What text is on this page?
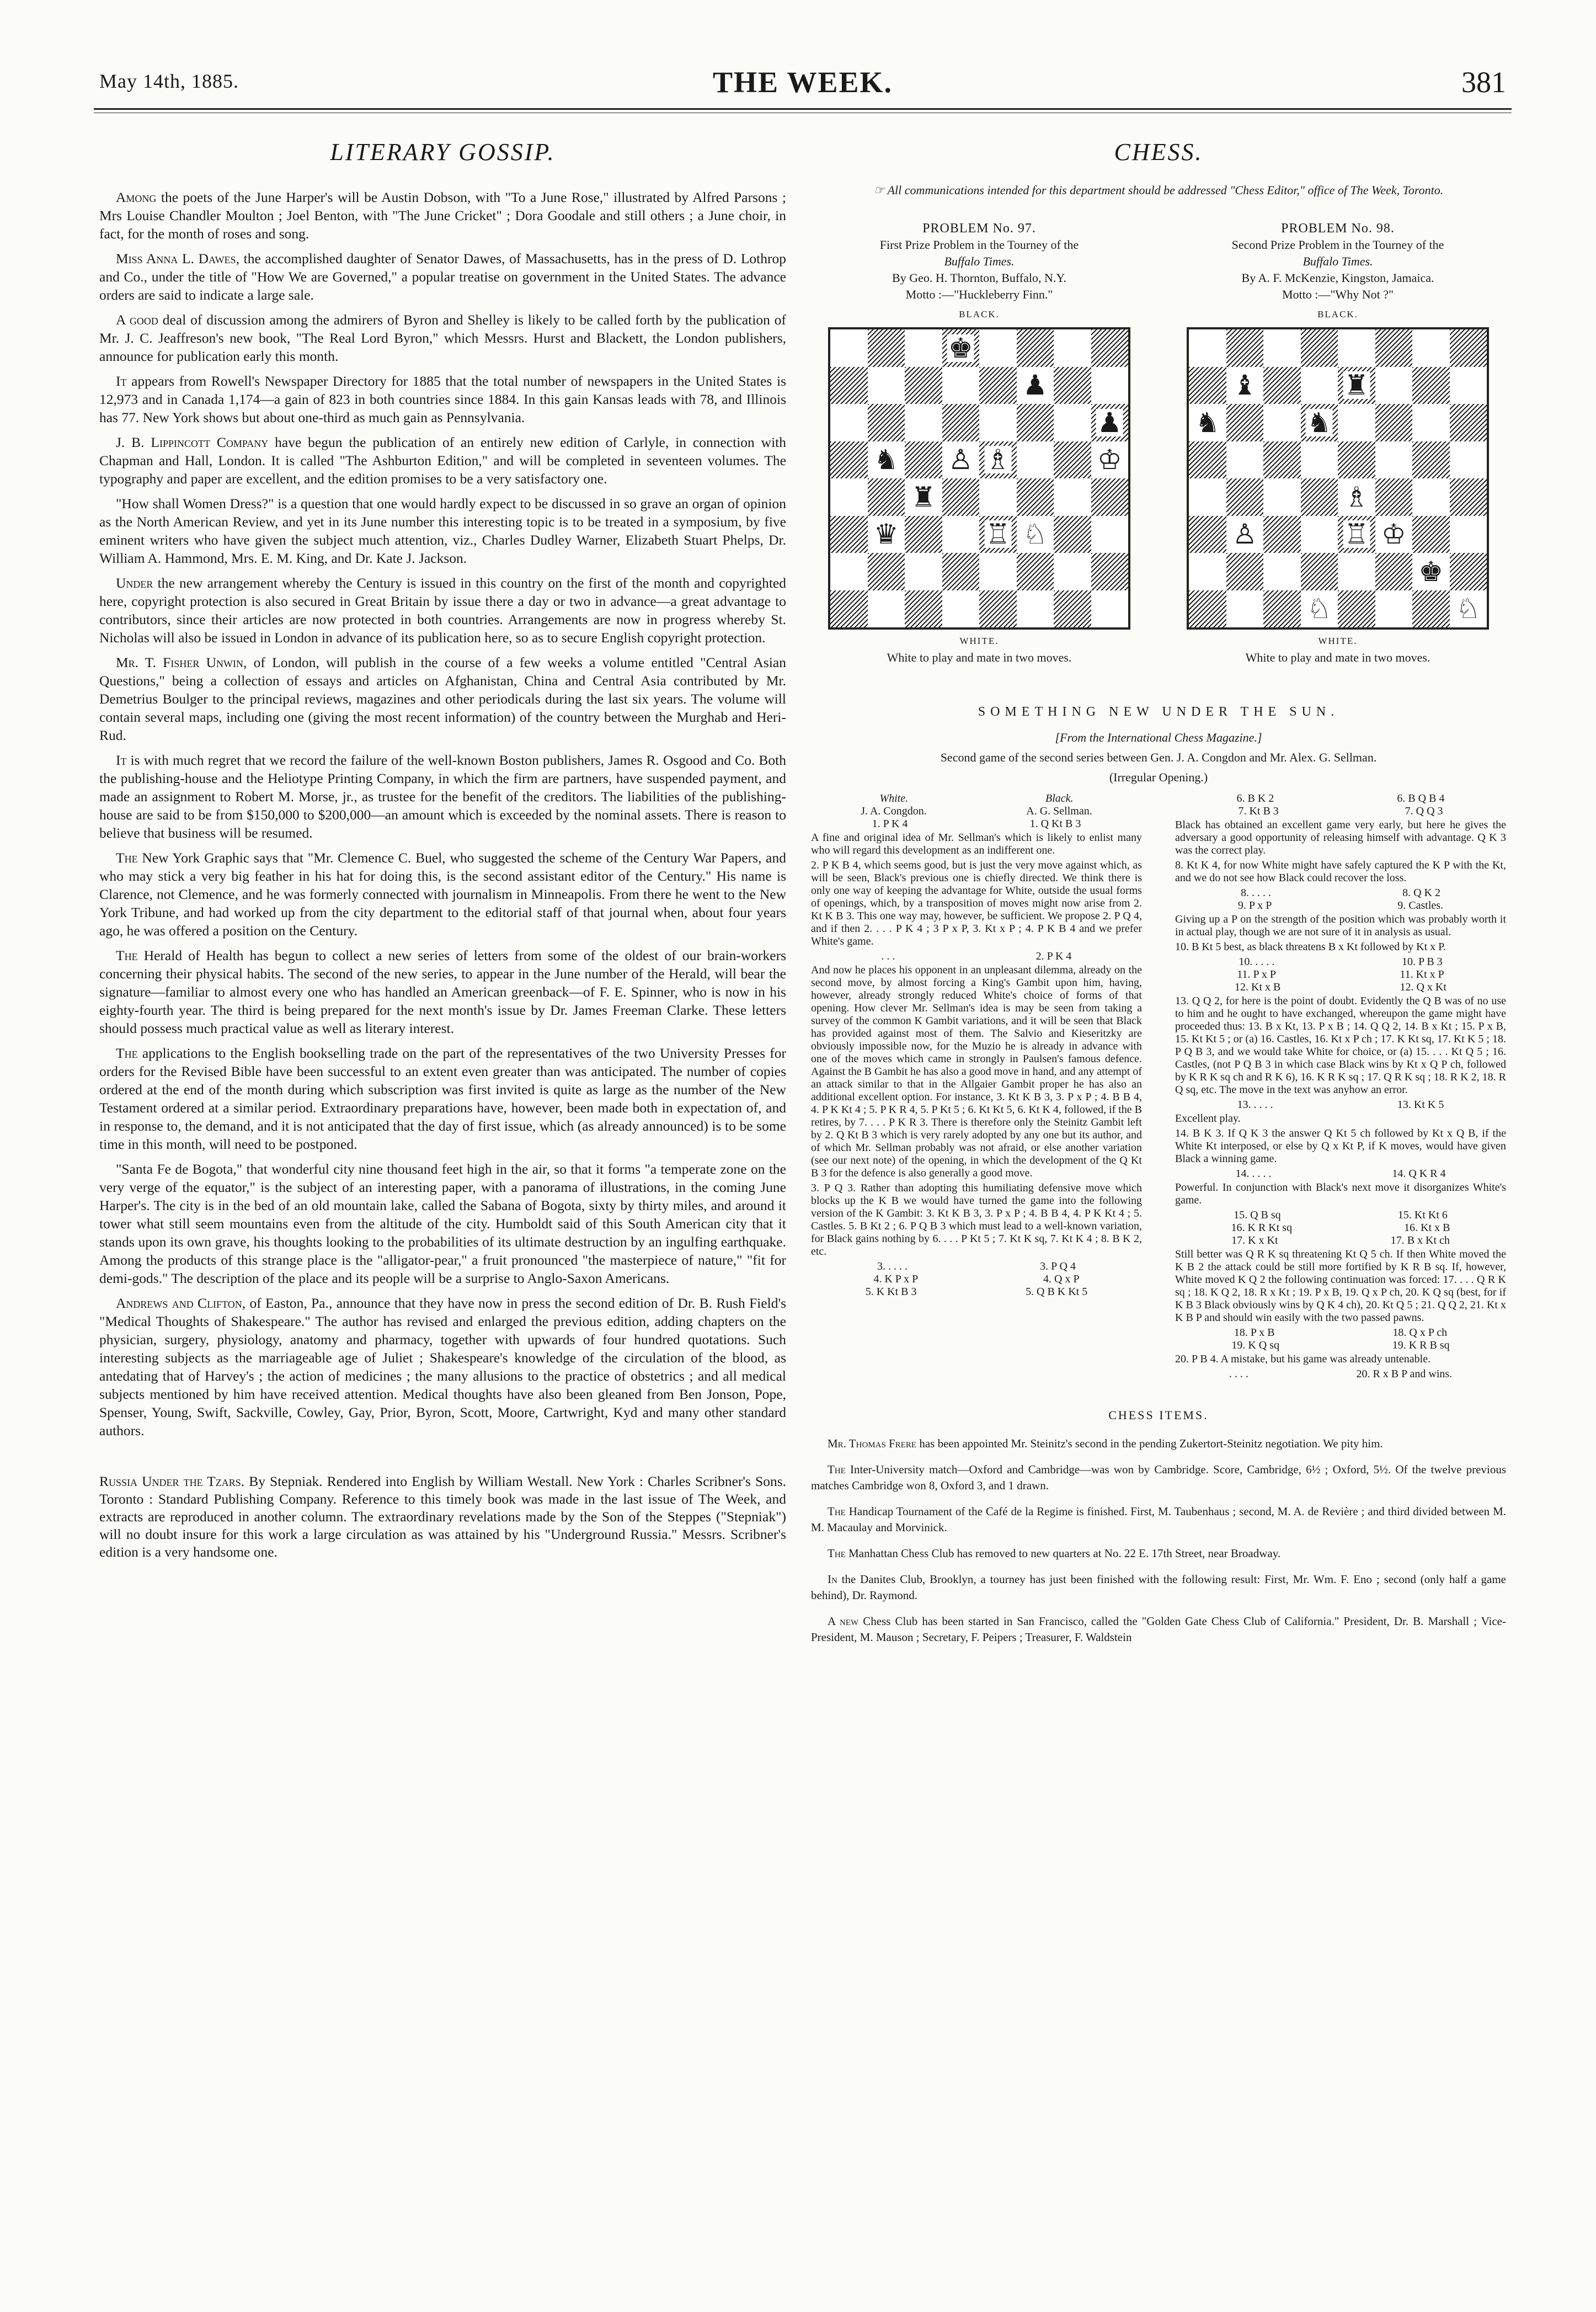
May 14th, 1885.	THE WEEK.	381
LITERARY GOSSIP.

Among the poets of the June Harper's will be Austin Dobson, with "To a June Rose," illustrated by Alfred Parsons ; Mrs Louise Chandler Moulton ; Joel Benton, with "The June Cricket" ; Dora Goodale and still others ; a June choir, in fact, for the month of roses and song.

Miss Anna L. Dawes, the accomplished daughter of Senator Dawes, of Massachusetts, has in the press of D. Lothrop and Co., under the title of "How We are Governed," a popular treatise on government in the United States. The advance orders are said to indicate a large sale.

A good deal of discussion among the admirers of Byron and Shelley is likely to be called forth by the publication of Mr. J. C. Jeaffreson's new book, "The Real Lord Byron," which Messrs. Hurst and Blackett, the London publishers, announce for publication early this month.

It appears from Rowell's Newspaper Directory for 1885 that the total number of newspapers in the United States is 12,973 and in Canada 1,174—a gain of 823 in both countries since 1884. In this gain Kansas leads with 78, and Illinois has 77. New York shows but about one-third as much gain as Pennsylvania.

J. B. Lippincott Company have begun the publication of an entirely new edition of Carlyle, in connection with Chapman and Hall, London. It is called "The Ashburton Edition," and will be completed in seventeen volumes. The typography and paper are excellent, and the edition promises to be a very satisfactory one.

"How shall Women Dress?" is a question that one would hardly expect to be discussed in so grave an organ of opinion as the North American Review, and yet in its June number this interesting topic is to be treated in a symposium, by five eminent writers who have given the subject much attention, viz., Charles Dudley Warner, Elizabeth Stuart Phelps, Dr. William A. Hammond, Mrs. E. M. King, and Dr. Kate J. Jackson.

Under the new arrangement whereby the Century is issued in this country on the first of the month and copyrighted here, copyright protection is also secured in Great Britain by issue there a day or two in advance—a great advantage to contributors, since their articles are now protected in both countries. Arrangements are now in progress whereby St. Nicholas will also be issued in London in advance of its publication here, so as to secure English copyright protection.

Mr. T. Fisher Unwin, of London, will publish in the course of a few weeks a volume entitled "Central Asian Questions," being a collection of essays and articles on Afghanistan, China and Central Asia contributed by Mr. Demetrius Boulger to the principal reviews, magazines and other periodicals during the last six years. The volume will contain several maps, including one (giving the most recent information) of the country between the Murghab and Heri-Rud.

It is with much regret that we record the failure of the well-known Boston publishers, James R. Osgood and Co. Both the publishing-house and the Heliotype Printing Company, in which the firm are partners, have suspended payment, and made an assignment to Robert M. Morse, jr., as trustee for the benefit of the creditors. The liabilities of the publishing-house are said to be from $150,000 to $200,000—an amount which is exceeded by the nominal assets. There is reason to believe that business will be resumed.

The New York Graphic says that "Mr. Clemence C. Buel, who suggested the scheme of the Century War Papers, and who may stick a very big feather in his hat for doing this, is the second assistant editor of the Century." His name is Clarence, not Clemence, and he was formerly connected with journalism in Minneapolis. From there he went to the New York Tribune, and had worked up from the city department to the editorial staff of that journal when, about four years ago, he was offered a position on the Century.

The Herald of Health has begun to collect a new series of letters from some of the oldest of our brain-workers concerning their physical habits. The second of the new series, to appear in the June number of the Herald, will bear the signature—familiar to almost every one who has handled an American greenback—of F. E. Spinner, who is now in his eighty-fourth year. The third is being prepared for the next month's issue by Dr. James Freeman Clarke. These letters should possess much practical value as well as literary interest.

The applications to the English bookselling trade on the part of the representatives of the two University Presses for orders for the Revised Bible have been successful to an extent even greater than was anticipated. The number of copies ordered at the end of the month during which subscription was first invited is quite as large as the number of the New Testament ordered at a similar period. Extraordinary preparations have, however, been made both in expectation of, and in response to, the demand, and it is not anticipated that the day of first issue, which (as already announced) is to be some time in this month, will need to be postponed.

"Santa Fe de Bogota," that wonderful city nine thousand feet high in the air, so that it forms "a temperate zone on the very verge of the equator," is the subject of an interesting paper, with a panorama of illustrations, in the coming June Harper's. The city is in the bed of an old mountain lake, called the Sabana of Bogota, sixty by thirty miles, and around it tower what still seem mountains even from the altitude of the city. Humboldt said of this South American city that it stands upon its own grave, his thoughts looking to the probabilities of its ultimate destruction by an ingulfing earthquake. Among the products of this strange place is the "alligator-pear," a fruit pronounced "the masterpiece of nature," "fit for demi-gods." The description of the place and its people will be a surprise to Anglo-Saxon Americans.

Andrews and Clifton, of Easton, Pa., announce that they have now in press the second edition of Dr. B. Rush Field's "Medical Thoughts of Shakespeare." The author has revised and enlarged the previous edition, adding chapters on the physician, surgery, physiology, anatomy and pharmacy, together with upwards of four hundred quotations. Such interesting subjects as the marriageable age of Juliet ; Shakespeare's knowledge of the circulation of the blood, as antedating that of Harvey's ; the action of medicines ; the many allusions to the practice of obstetrics ; and all medical subjects mentioned by him have received attention. Medical thoughts have also been gleaned from Ben Jonson, Pope, Spenser, Young, Swift, Sackville, Cowley, Gay, Prior, Byron, Scott, Moore, Cartwright, Kyd and many other standard authors.

Russia Under the Tzars. By Stepniak. Rendered into English by William Westall. New York : Charles Scribner's Sons. Toronto : Standard Publishing Company. Reference to this timely book was made in the last issue of The Week, and extracts are reproduced in another column. The extraordinary revelations made by the Son of the Steppes ("Stepniak") will no doubt insure for this work a large circulation as was attained by his "Underground Russia." Messrs. Scribner's edition is a very handsome one.
CHESS.
☞ All communications intended for this department should be addressed "Chess Editor," office of The Week, Toronto.
PROBLEM No. 97.
First Prize Problem in the Tourney of the
Buffalo Times.
By Geo. H. Thornton, Buffalo, N.Y.
Motto :—"Huckleberry Finn."
BLACK.
♚
♟
♟
♞ ♙ ♗	♔
♜
♛	♖ ♘
WHITE.
White to play and mate in two moves.
PROBLEM No. 98.
Second Prize Problem in the Tourney of the
Buffalo Times.
By A. F. McKenzie, Kingston, Jamaica.
Motto :—"Why Not ?"
BLACK.
♝	♜
♞	♞
♗
♙	♖ ♔
♚
♘	♘
WHITE.
White to play and mate in two moves.
SOMETHING NEW UNDER THE SUN.
[From the International Chess Magazine.]
Second game of the second series between Gen. J. A. Congdon and Mr. Alex. G. Sellman.
(Irregular Opening.)
White.	Black.
J. A. Congdon.	A. G. Sellman.
1. P K 4	1. Q Kt B 3
A fine and original idea of Mr. Sellman's which is likely to enlist many who will regard this development as an indifferent one.
2. P K B 4, which seems good, but is just the very move against which, as will be seen, Black's previous one is chiefly directed. We think there is only one way of keeping the advantage for White, outside the usual forms of openings, which, by a transposition of moves might now arise from 2. Kt K B 3. This one way may, however, be sufficient. We propose 2. P Q 4, and if then 2. . . . P K 4 ; 3 P x P, 3. Kt x P ; 4. P K B 4 and we prefer White's game.
. . .	2. P K 4
And now he places his opponent in an unpleasant dilemma, already on the second move, by almost forcing a King's Gambit upon him, having, however, already strongly reduced White's choice of forms of that opening. How clever Mr. Sellman's idea is may be seen from taking a survey of the common K Gambit variations, and it will be seen that Black has provided against most of them. The Salvio and Kieseritzky are obviously impossible now, for the Muzio he is already in advance with one of the moves which came in strongly in Paulsen's famous defence. Against the B Gambit he has also a good move in hand, and any attempt of an attack similar to that in the Allgaier Gambit proper he has also an additional excellent option. For instance, 3. Kt K B 3, 3. P x P ; 4. B B 4, 4. P K Kt 4 ; 5. P K R 4, 5. P Kt 5 ; 6. Kt Kt 5, 6. Kt K 4, followed, if the B retires, by 7. . . . P K R 3. There is therefore only the Steinitz Gambit left by 2. Q Kt B 3 which is very rarely adopted by any one but its author, and of which Mr. Sellman probably was not afraid, or else another variation (see our next note) of the opening, in which the development of the Q Kt B 3 for the defence is also generally a good move.
3. P Q 3. Rather than adopting this humiliating defensive move which blocks up the K B we would have turned the game into the following version of the K Gambit: 3. Kt K B 3, 3. P x P ; 4. B B 4, 4. P K Kt 4 ; 5. Castles. 5. B Kt 2 ; 6. P Q B 3 which must lead to a well-known variation, for Black gains nothing by 6. . . . P Kt 5 ; 7. Kt K sq, 7. Kt K 4 ; 8. B K 2, etc.
3. . . . .	3. P Q 4
4. K P x P	4. Q x P
5. K Kt B 3	5. Q B K Kt 5
6. B K 2	6. B Q B 4
7. Kt B 3	7. Q Q 3
Black has obtained an excellent game very early, but here he gives the adversary a good opportunity of releasing himself with advantage. Q K 3 was the correct play.
8. Kt K 4, for now White might have safely captured the K P with the Kt, and we do not see how Black could recover the loss.
8. . . . .	8. Q K 2
9. P x P	9. Castles.
Giving up a P on the strength of the position which was probably worth it in actual play, though we are not sure of it in analysis as usual.
10. B Kt 5 best, as black threatens B x Kt followed by Kt x P.
10. . . . .	10. P B 3
11. P x P	11. Kt x P
12. Kt x B	12. Q x Kt
13. Q Q 2, for here is the point of doubt. Evidently the Q B was of no use to him and he ought to have exchanged, whereupon the game might have proceeded thus: 13. B x Kt, 13. P x B ; 14. Q Q 2, 14. B x Kt ; 15. P x B, 15. Kt Kt 5 ; or (a) 16. Castles, 16. Kt x P ch ; 17. K Kt sq, 17. Kt K 5 ; 18. P Q B 3, and we would take White for choice, or (a) 15. . . . Kt Q 5 ; 16. Castles, (not P Q B 3 in which case Black wins by Kt x Q P ch, followed by K R K sq ch and R K 6), 16. K R K sq ; 17. Q R K sq ; 18. R K 2, 18. R Q sq, etc. The move in the text was anyhow an error.
13. . . . .	13. Kt K 5
Excellent play.
14. B K 3. If Q K 3 the answer Q Kt 5 ch followed by Kt x Q B, if the White Kt interposed, or else by Q x Kt P, if K moves, would have given Black a winning game.
14. . . . .	14. Q K R 4
Powerful. In conjunction with Black's next move it disorganizes White's game.
15. Q B sq	15. Kt Kt 6
16. K R Kt sq	16. Kt x B
17. K x Kt	17. B x Kt ch
Still better was Q R K sq threatening Kt Q 5 ch. If then White moved the K B 2 the attack could be still more fortified by K R B sq. If, however, White moved K Q 2 the following continuation was forced: 17. . . . Q R K sq ; 18. K Q 2, 18. R x Kt ; 19. P x B, 19. Q x P ch, 20. K Q sq (best, for if K B 3 Black obviously wins by Q K 4 ch), 20. Kt Q 5 ; 21. Q Q 2, 21. Kt x K B P and should win easily with the two passed pawns.
18. P x B	18. Q x P ch
19. K Q sq	19. K R B sq
20. P B 4. A mistake, but his game was already untenable.
. . . .	20. R x B P and wins.
CHESS ITEMS.

Mr. Thomas Frere has been appointed Mr. Steinitz's second in the pending Zukertort-Steinitz negotiation. We pity him.

The Inter-University match—Oxford and Cambridge—was won by Cambridge. Score, Cambridge, 6½ ; Oxford, 5½. Of the twelve previous matches Cambridge won 8, Oxford 3, and 1 drawn.

The Handicap Tournament of the Café de la Regime is finished. First, M. Taubenhaus ; second, M. A. de Revière ; and third divided between M. M. Macaulay and Morvinick.

The Manhattan Chess Club has removed to new quarters at No. 22 E. 17th Street, near Broadway.

In the Danites Club, Brooklyn, a tourney has just been finished with the following result: First, Mr. Wm. F. Eno ; second (only half a game behind), Dr. Raymond.

A new Chess Club has been started in San Francisco, called the "Golden Gate Chess Club of California." President, Dr. B. Marshall ; Vice-President, M. Mauson ; Secretary, F. Peipers ; Treasurer, F. Waldstein
